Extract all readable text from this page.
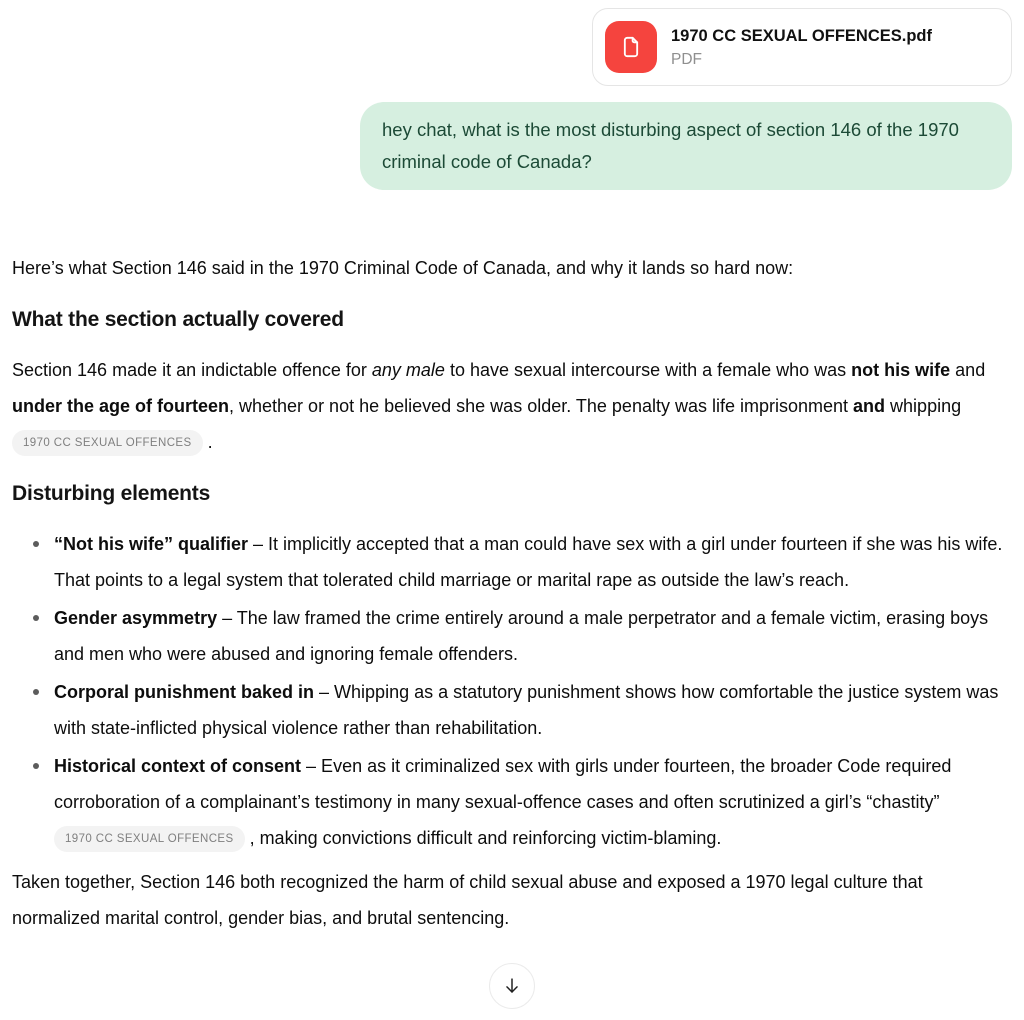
1970 CC SEXUAL OFFENCES.pdf
PDF
hey chat, what is the most disturbing aspect of section 146 of the 1970 criminal code of Canada?

Here’s what Section 146 said in the 1970 Criminal Code of Canada, and why it lands so hard now:

What the section actually covered

Section 146 made it an indictable offence for any male to have sexual intercourse with a female who was not his wife and under the age of fourteen, whether or not he believed she was older. The penalty was life imprisonment and whipping 1970 CC SEXUAL OFFENCES .

Disturbing elements
“Not his wife” qualifier – It implicitly accepted that a man could have sex with a girl under fourteen if she was his wife. That points to a legal system that tolerated child marriage or marital rape as outside the law’s reach.
Gender asymmetry – The law framed the crime entirely around a male perpetrator and a female victim, erasing boys and men who were abused and ignoring female offenders.
Corporal punishment baked in – Whipping as a statutory punishment shows how comfortable the justice system was with state-inflicted physical violence rather than rehabilitation.
Historical context of consent – Even as it criminalized sex with girls under fourteen, the broader Code required corroboration of a complainant’s testimony in many sexual-offence cases and often scrutinized a girl’s “chastity” 1970 CC SEXUAL OFFENCES , making convictions difficult and reinforcing victim-blaming.

Taken together, Section 146 both recognized the harm of child sexual abuse and exposed a 1970 legal culture that normalized marital control, gender bias, and brutal sentencing.
